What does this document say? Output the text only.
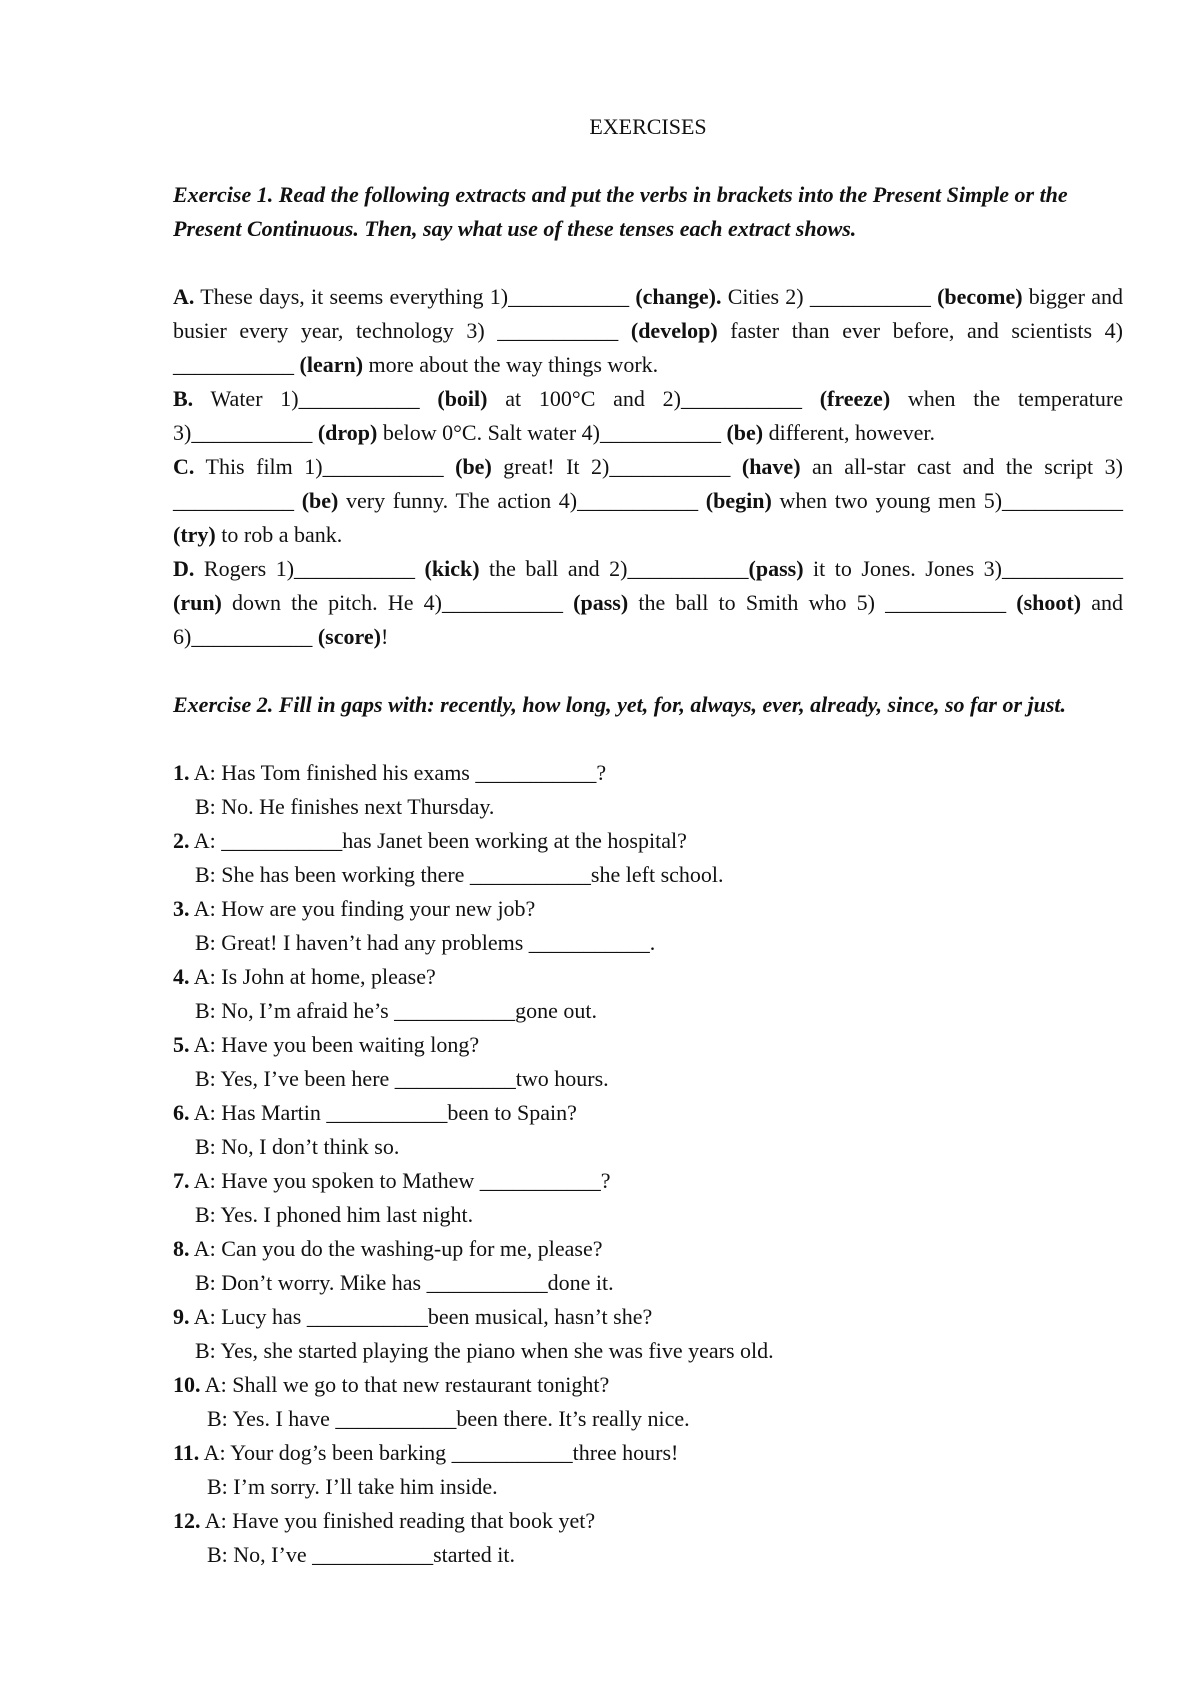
EXERCISES
Exercise 1. Read the following extracts and put the verbs in brackets into the Present Simple or the Present Continuous. Then, say what use of these tenses each extract shows.

A. These days, it seems everything 1)___________ (change). Cities 2) ___________ (become) bigger and busier every year, technology 3) ___________ (develop) faster than ever before, and scientists 4) ___________ (learn) more about the way things work.

B. Water 1)___________ (boil) at 100°C and 2)___________ (freeze) when the temperature 3)___________ (drop) below 0°C. Salt water 4)___________ (be) different, however.

C. This film 1)___________ (be) great! It 2)___________ (have) an all-star cast and the script 3) ___________ (be) very funny. The action 4)___________ (begin) when two young men 5)___________ (try) to rob a bank.

D. Rogers 1)___________ (kick) the ball and 2)___________(pass) it to Jones. Jones 3)___________ (run) down the pitch. He 4)___________ (pass) the ball to Smith who 5) ___________ (shoot) and 6)___________ (score)!

Exercise 2. Fill in gaps with: recently, how long, yet, for, always, ever, already, since, so far or just.
1. A: Has Tom finished his exams ___________?
B: No. He finishes next Thursday.
2. A: ___________has Janet been working at the hospital?
B: She has been working there ___________she left school.
3. A: How are you finding your new job?
B: Great! I haven’t had any problems ___________.
4. A: Is John at home, please?
B: No, I’m afraid he’s ___________gone out.
5. A: Have you been waiting long?
B: Yes, I’ve been here ___________two hours.
6. A: Has Martin ___________been to Spain?
B: No, I don’t think so.
7. A: Have you spoken to Mathew ___________?
B: Yes. I phoned him last night.
8. A: Can you do the washing-up for me, please?
B: Don’t worry. Mike has ___________done it.
9. A: Lucy has ___________been musical, hasn’t she?
B: Yes, she started playing the piano when she was five years old.
10. A: Shall we go to that new restaurant tonight?
B: Yes. I have ___________been there. It’s really nice.
11. A: Your dog’s been barking ___________three hours!
B: I’m sorry. I’ll take him inside.
12. A: Have you finished reading that book yet?
B: No, I’ve ___________started it.
